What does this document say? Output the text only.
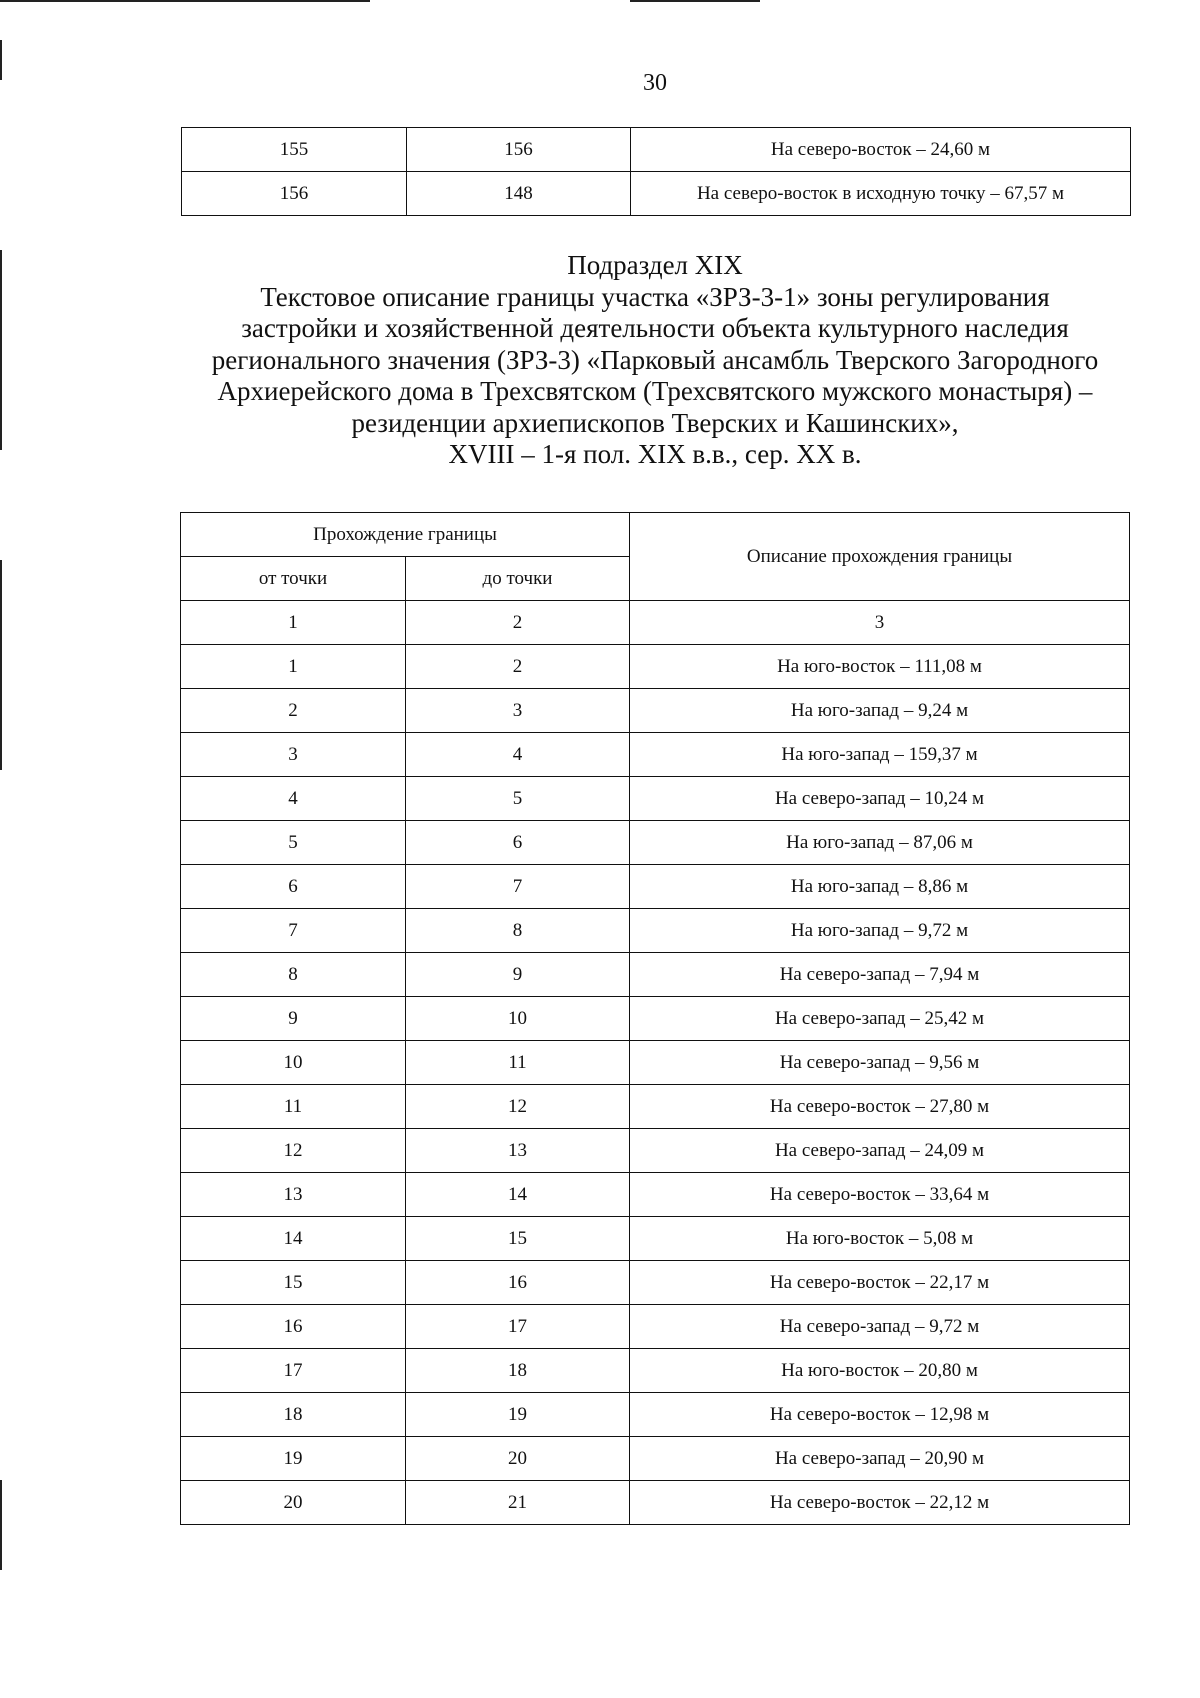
30
155	156	На северо-восток – 24,60 м
156	148	На северо-восток в исходную точку – 67,57 м
Подраздел XIX
Текстовое описание границы участка «ЗРЗ-3-1» зоны регулирования
застройки и хозяйственной деятельности объекта культурного наследия
регионального значения (ЗРЗ-3) «Парковый ансамбль Тверского Загородного
Архиерейского дома в Трехсвятском (Трехсвятского мужского монастыря) –
резиденции архиепископов Тверских и Кашинских»,
XVIII – 1-я пол. XIX в.в., сер. XX в.
Прохождение границы		Описание прохождения границы
от точки	до точки	
1	2	3
1	2	На юго-восток – 111,08 м
2	3	На юго-запад – 9,24 м
3	4	На юго-запад – 159,37 м
4	5	На северо-запад – 10,24 м
5	6	На юго-запад – 87,06 м
6	7	На юго-запад – 8,86 м
7	8	На юго-запад – 9,72 м
8	9	На северо-запад – 7,94 м
9	10	На северо-запад – 25,42 м
10	11	На северо-запад – 9,56 м
11	12	На северо-восток – 27,80 м
12	13	На северо-запад – 24,09 м
13	14	На северо-восток – 33,64 м
14	15	На юго-восток – 5,08 м
15	16	На северо-восток – 22,17 м
16	17	На северо-запад – 9,72 м
17	18	На юго-восток – 20,80 м
18	19	На северо-восток – 12,98 м
19	20	На северо-запад – 20,90 м
20	21	На северо-восток – 22,12 м
